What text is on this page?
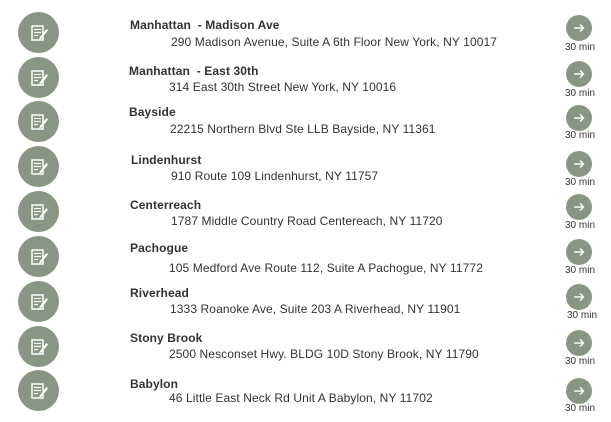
Manhattan  - Madison Ave
290 Madison Avenue, Suite A 6th Floor New York, NY 10017	30 min
Manhattan  - East 30th
314 East 30th Street New York, NY 10016	30 min
Bayside
22215 Northern Blvd Ste LLB Bayside, NY 11361	30 min
Lindenhurst
910 Route 109 Lindenhurst, NY 11757	30 min
Centerreach
1787 Middle Country Road Centereach, NY 11720	30 min
Pachogue
105 Medford Ave Route 112, Suite A Pachogue, NY 11772	30 min
Riverhead
1333 Roanoke Ave, Suite 203 A Riverhead, NY 11901	30 min
Stony Brook
2500 Nesconset Hwy. BLDG 10D Stony Brook, NY 11790
30 min
Babylon
46 Little East Neck Rd Unit A Babylon, NY 11702
30 min
